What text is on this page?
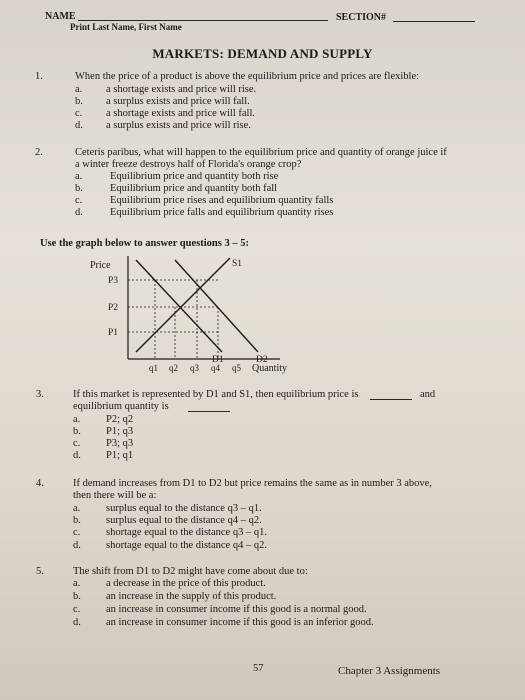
NAME
Print Last Name, First Name
SECTION#
MARKETS: DEMAND AND SUPPLY
1.	When the price of a product is above the equilibrium price and prices are flexible:
a. a shortage exists and price will rise.
b. a surplus exists and price will fall.
c. a shortage exists and price will fall.
d. a surplus exists and price will rise.
2.	Ceteris paribus, what will happen to the equilibrium price and quantity of orange juice if
a winter freeze destroys half of Florida's orange crop?
a.	Equilibrium price and quantity both rise
b.	Equilibrium price and quantity both fall
c.	Equilibrium price rises and equilibrium quantity falls
d.	Equilibrium price falls and equilibrium quantity rises
Use the graph below to answer questions 3 – 5:
Price
P3
P2
P1
S1
D1	D2
q1 q2 q3 q4 q5 Quantity
3.	If this market is represented by D1 and S1, then equilibrium price is	and
equilibrium quantity is
a. P2; q2
b. P1; q3
c. P3; q3
d. P1; q1
4.	If demand increases from D1 to D2 but price remains the same as in number 3 above,
then there will be a:
a. surplus equal to the distance q3 – q1.
b. surplus equal to the distance q4 – q2.
c. shortage equal to the distance q3 – q1.
d. shortage equal to the distance q4 – q2.
5.	The shift from D1 to D2 might have come about due to:
a. a decrease in the price of this product.
b. an increase in the supply of this product.
c. an increase in consumer income if this good is a normal good.
d. an increase in consumer income if this good is an inferior good.
57	Chapter 3 Assignments
